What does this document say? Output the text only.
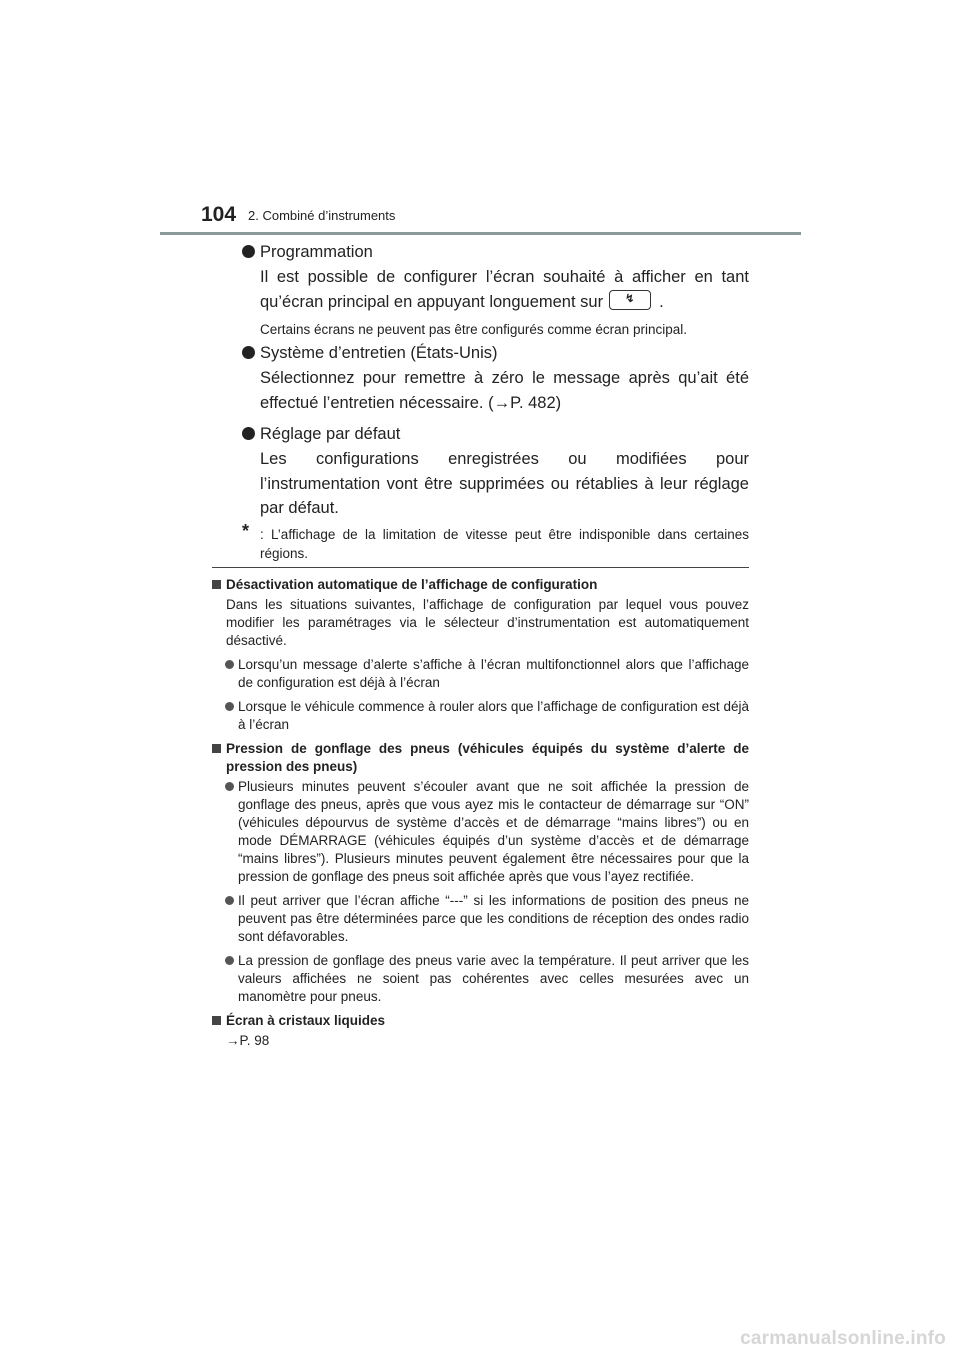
104 2. Combiné d’instruments
Programmation
Il est possible de configurer l’écran souhaité à afficher en tant qu’écran principal en appuyant longuement sur ↯ .
Certains écrans ne peuvent pas être configurés comme écran principal.
Système d’entretien (États-Unis)
Sélectionnez pour remettre à zéro le message après qu’ait été effectué l’entretien nécessaire. (→P. 482)
Réglage par défaut
Les configurations enregistrées ou modifiées pour l’instrumentation vont être supprimées ou rétablies à leur réglage par défaut.
* : L’affichage de la limitation de vitesse peut être indisponible dans certaines régions.
Désactivation automatique de l’affichage de configuration
Dans les situations suivantes, l’affichage de configuration par lequel vous pouvez modifier les paramétrages via le sélecteur d’instrumentation est automatiquement désactivé.
Lorsqu’un message d’alerte s’affiche à l’écran multifonctionnel alors que l’affichage de configuration est déjà à l’écran
Lorsque le véhicule commence à rouler alors que l’affichage de configuration est déjà à l’écran
Pression de gonflage des pneus (véhicules équipés du système d’alerte de pression des pneus)
Plusieurs minutes peuvent s’écouler avant que ne soit affichée la pression de gonflage des pneus, après que vous ayez mis le contacteur de démarrage sur “ON” (véhicules dépourvus de système d’accès et de démarrage “mains libres”) ou en mode DÉMARRAGE (véhicules équipés d’un système d’accès et de démarrage “mains libres”). Plusieurs minutes peuvent également être nécessaires pour que la pression de gonflage des pneus soit affichée après que vous l’ayez rectifiée.
Il peut arriver que l’écran affiche “---” si les informations de position des pneus ne peuvent pas être déterminées parce que les conditions de réception des ondes radio sont défavorables.
La pression de gonflage des pneus varie avec la température. Il peut arriver que les valeurs affichées ne soient pas cohérentes avec celles mesurées avec un manomètre pour pneus.
Écran à cristaux liquides
→P. 98
carmanualsonline.info
